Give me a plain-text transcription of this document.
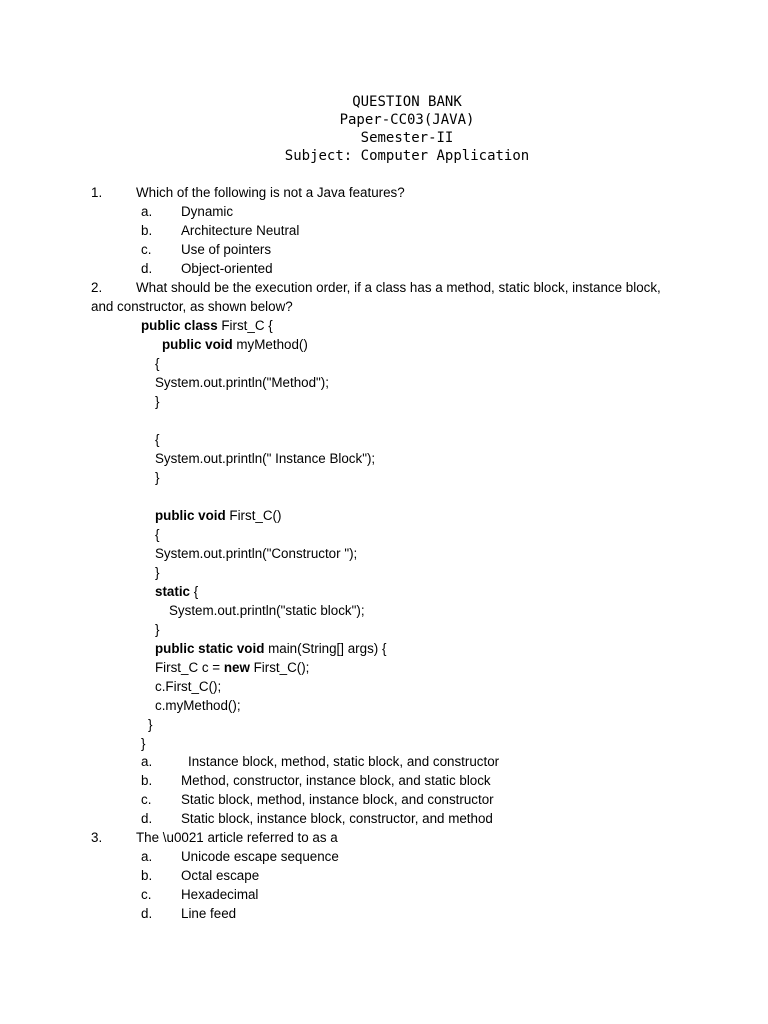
QUESTION BANK
Paper-CC03(JAVA)
Semester-II
Subject: Computer Application
1.	Which of the following is not a Java features?
a. Dynamic
b. Architecture Neutral
c. Use of pointers
d. Object-oriented
2.	What should be the execution order, if a class has a method, static block, instance block,
and constructor, as shown below?
public class First_C {
public void myMethod()
{
System.out.println("Method");
}
{
System.out.println(" Instance Block");
}
public void First_C()
{
System.out.println("Constructor ");
}
static {
System.out.println("static block");
}
public static void main(String[] args) {
First_C c = new First_C();
c.First_C();
c.myMethod();
}
}
a.	Instance block, method, static block, and constructor
b. Method, constructor, instance block, and static block
c. Static block, method, instance block, and constructor
d. Static block, instance block, constructor, and method
3.	The \u0021 article referred to as a
a. Unicode escape sequence
b. Octal escape
c. Hexadecimal
d. Line feed
